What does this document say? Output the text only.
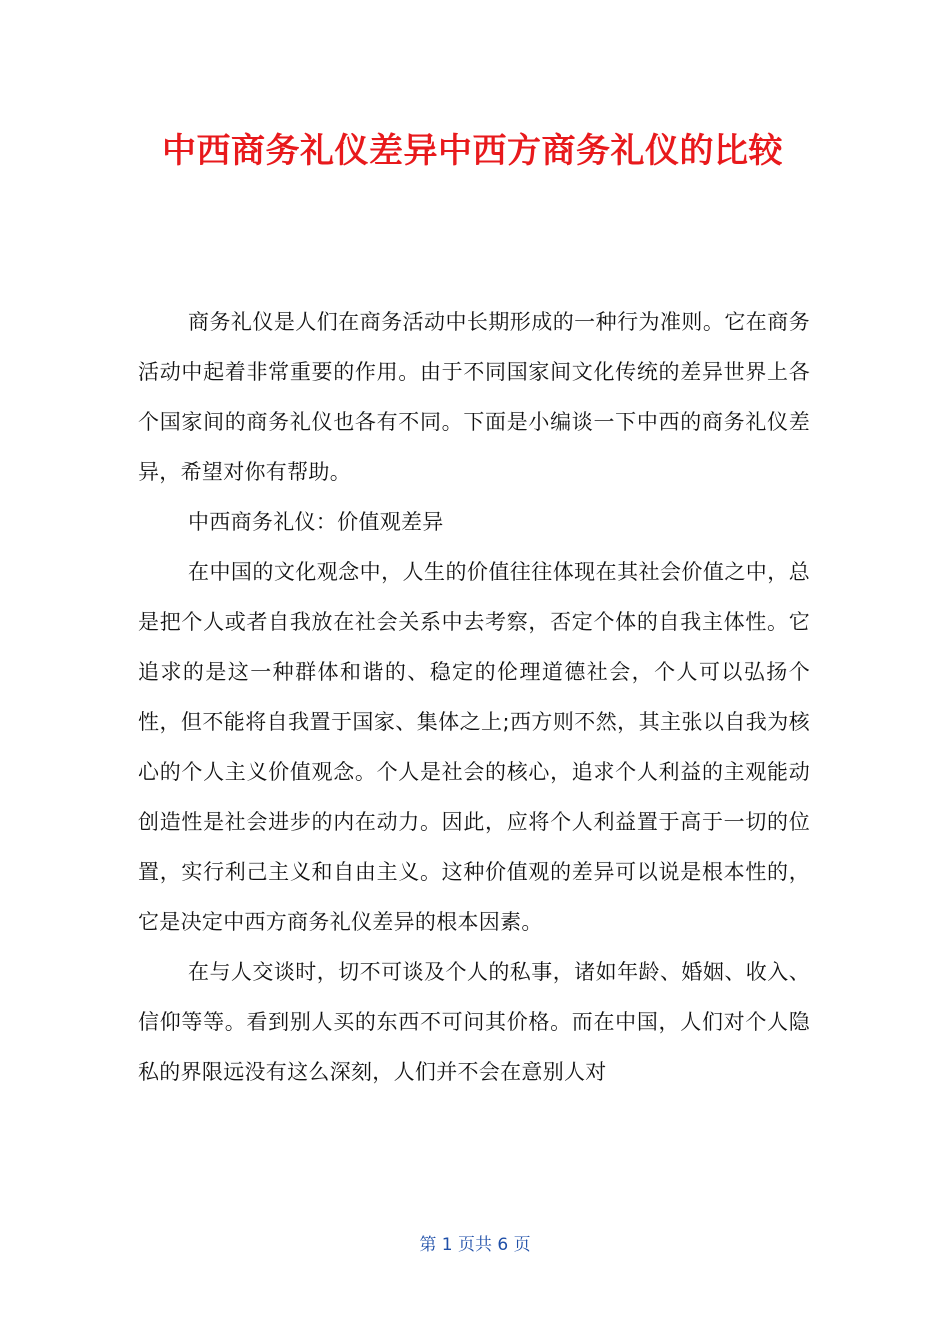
中西商务礼仪差异中西方商务礼仪的比较

商务礼仪是人们在商务活动中长期形成的一种行为准则。它在商务活动中起着非常重要的作用。由于不同国家间文化传统的差异世界上各个国家间的商务礼仪也各有不同。下面是小编谈一下中西的商务礼仪差异，希望对你有帮助。

中西商务礼仪：价值观差异

在中国的文化观念中，人生的价值往往体现在其社会价值之中，总是把个人或者自我放在社会关系中去考察，否定个体的自我主体性。它追求的是这一种群体和谐的、稳定的伦理道德社会，个人可以弘扬个性，但不能将自我置于国家、集体之上;西方则不然，其主张以自我为核心的个人主义价值观念。个人是社会的核心，追求个人利益的主观能动创造性是社会进步的内在动力。因此，应将个人利益置于高于一切的位置，实行利己主义和自由主义。这种价值观的差异可以说是根本性的，它是决定中西方商务礼仪差异的根本因素。

在与人交谈时，切不可谈及个人的私事，诸如年龄、婚姻、收入、信仰等等。看到别人买的东西不可问其价格。而在中国，人们对个人隐私的界限远没有这么深刻，人们并不会在意别人对

第 1 页共 6 页
